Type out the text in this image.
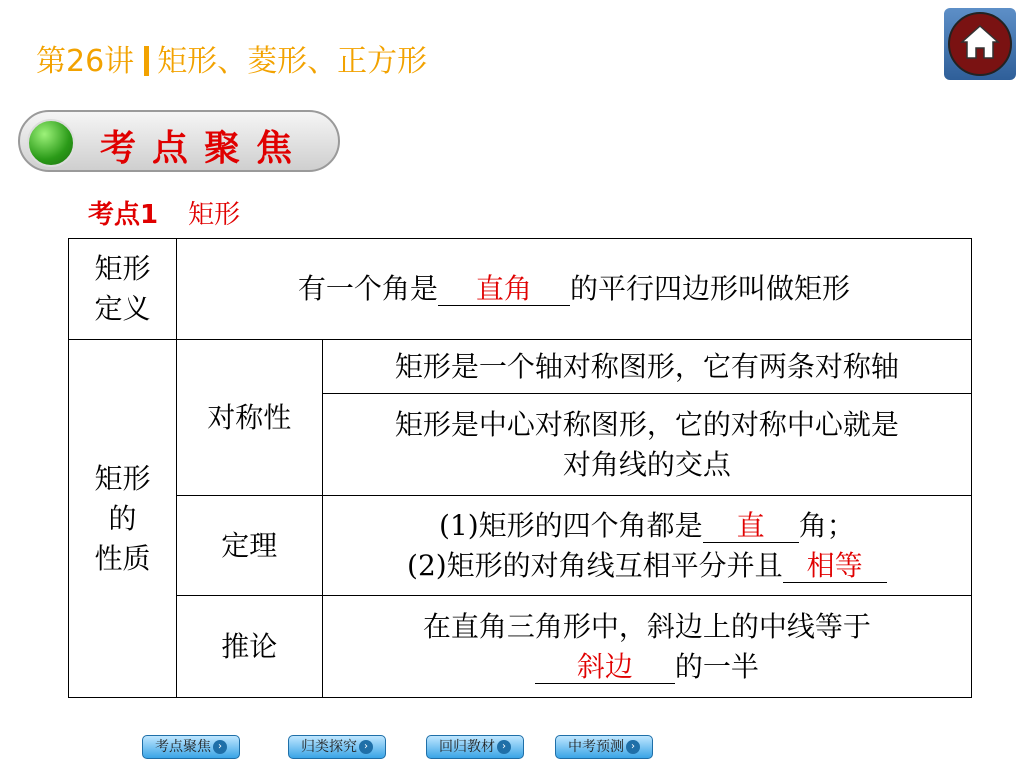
第26讲 矩形、菱形、正方形
考点聚焦
考点1 矩形
矩形
定义	有一个角是 直角 的平行四边形叫做矩形	

矩形
的
性质	对称性	矩形是一个轴对称图形，它有两条对称轴

		矩形是中心对称图形，它的对称中心就是
对角线的交点

	定理	(1)矩形的四个角都是 直 角；
(2)矩形的对角线互相平分并且 相等

	推论	在直角三角形中，斜边上的中线等于
斜边 的一半
考点聚焦 ›	归类探究 ›	回归教材 ›	中考预测 ›
